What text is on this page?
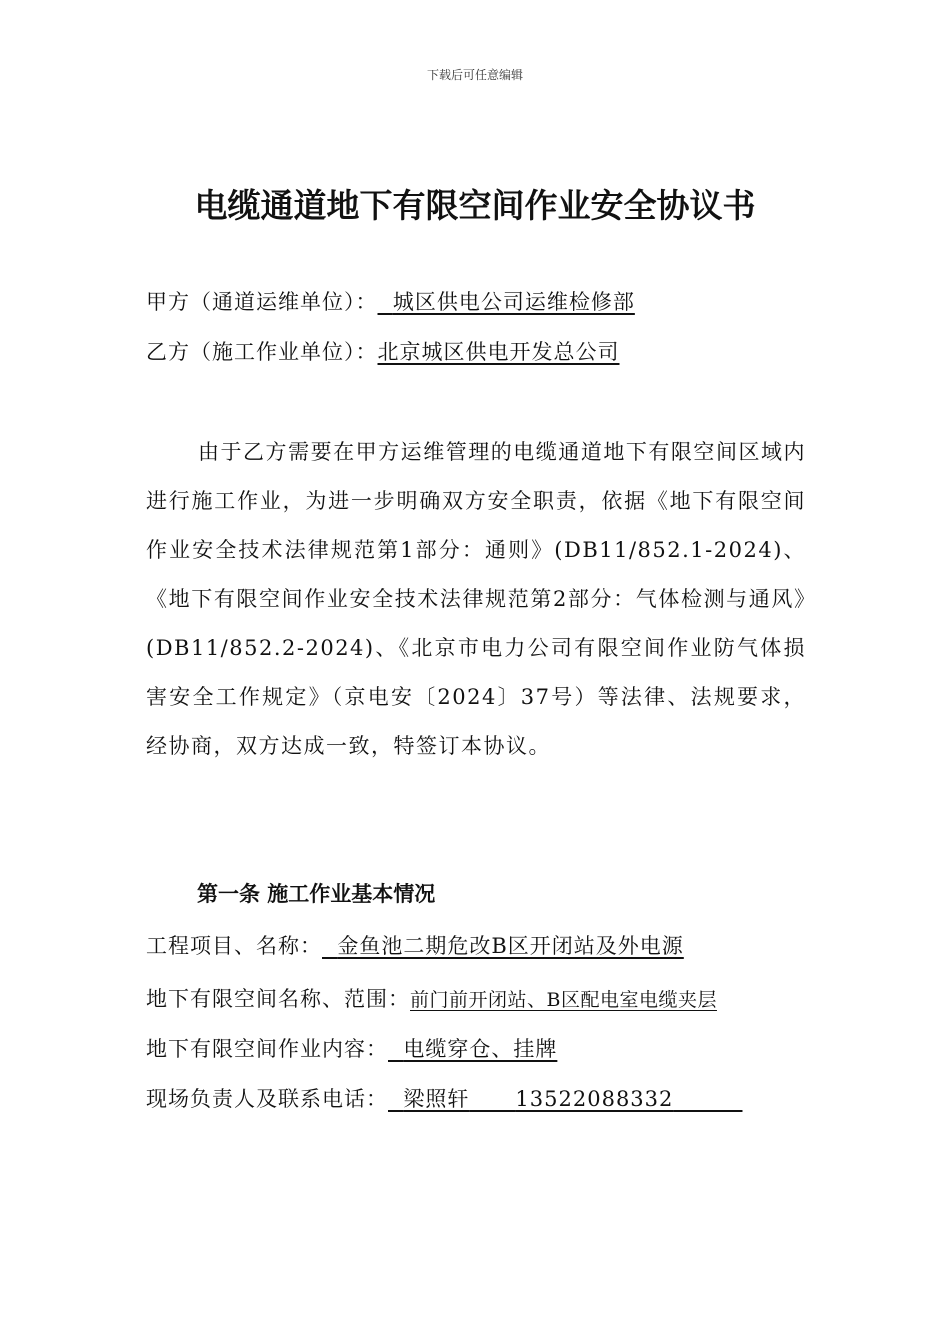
下载后可任意编辑
电缆通道地下有限空间作业安全协议书
甲方（通道运维单位）： 城区供电公司运维检修部
乙方（施工作业单位）：北京城区供电开发总公司
由于乙方需要在甲方运维管理的电缆通道地下有限空间区域内进行施工作业，为进一步明确双方安全职责，依据《地下有限空间作业安全技术法律规范第1部分：通则》(DB11/852.1-2024)、《地下有限空间作业安全技术法律规范第2部分：气体检测与通风》(DB11/852.2-2024)、《北京市电力公司有限空间作业防气体损害安全工作规定》（京电安〔2024〕37号）等法律、法规要求，经协商，双方达成一致，特签订本协议。
第一条 施工作业基本情况
工程项目、名称： 金鱼池二期危改B区开闭站及外电源
地下有限空间名称、范围：前门前开闭站、B区配电室电缆夹层
地下有限空间作业内容： 电缆穿仓、挂牌
现场负责人及联系电话： 梁照轩 13522088332
